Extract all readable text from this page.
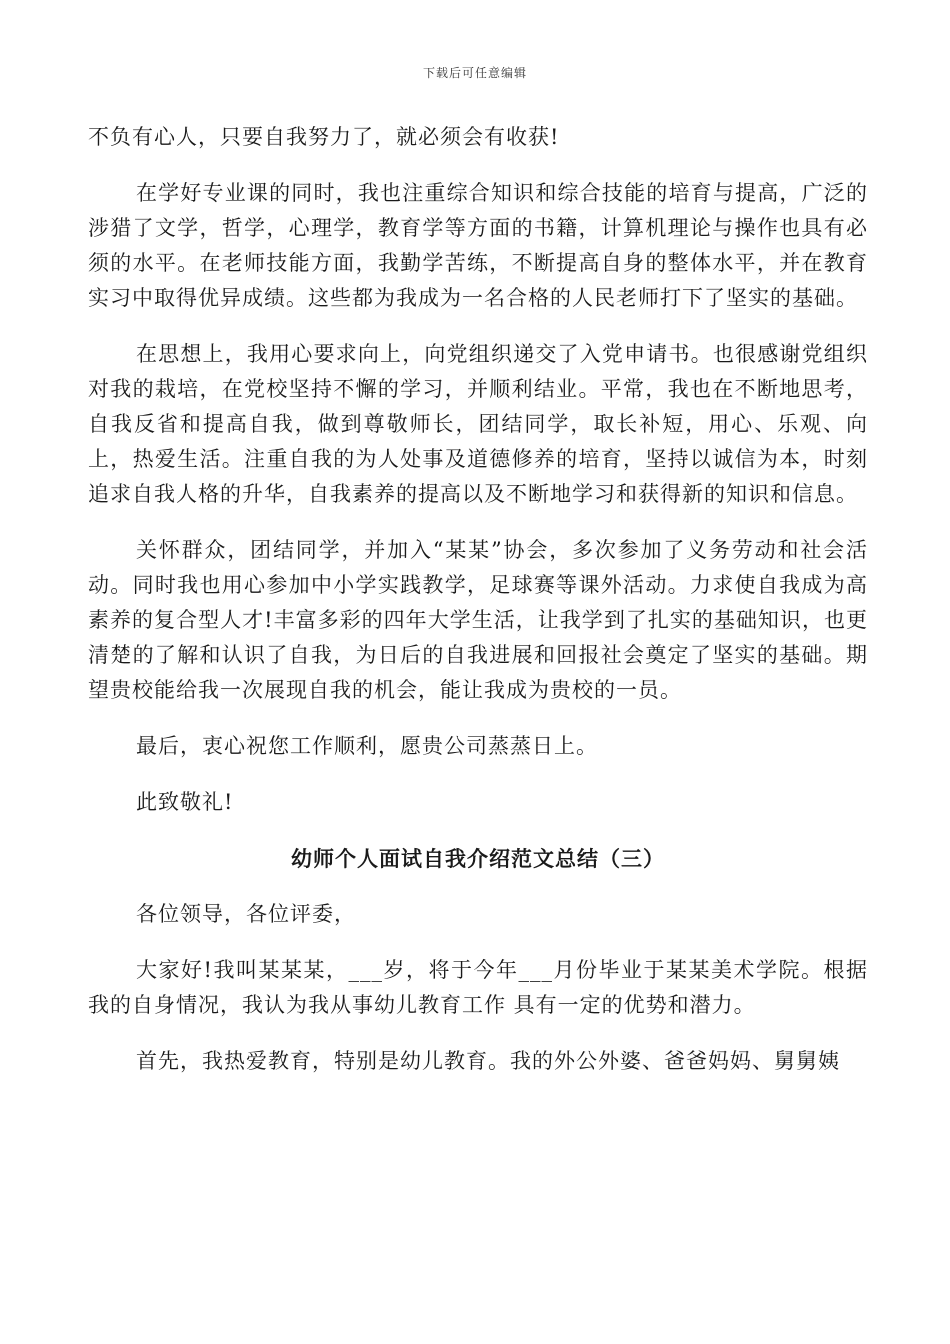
下载后可任意编辑

不负有心人，只要自我努力了，就必须会有收获!

在学好专业课的同时，我也注重综合知识和综合技能的培育与提高，广泛的涉猎了文学，哲学，心理学，教育学等方面的书籍，计算机理论与操作也具有必须的水平。在老师技能方面，我勤学苦练，不断提高自身的整体水平，并在教育实习中取得优异成绩。这些都为我成为一名合格的人民老师打下了坚实的基础。

在思想上，我用心要求向上，向党组织递交了入党申请书。也很感谢党组织对我的栽培，在党校坚持不懈的学习，并顺利结业。平常，我也在不断地思考，自我反省和提高自我，做到尊敬师长，团结同学，取长补短，用心、乐观、向上，热爱生活。注重自我的为人处事及道德修养的培育，坚持以诚信为本，时刻追求自我人格的升华，自我素养的提高以及不断地学习和获得新的知识和信息。

关怀群众，团结同学，并加入“某某”协会，多次参加了义务劳动和社会活动。同时我也用心参加中小学实践教学，足球赛等课外活动。力求使自我成为高素养的复合型人才!丰富多彩的四年大学生活，让我学到了扎实的基础知识，也更清楚的了解和认识了自我，为日后的自我进展和回报社会奠定了坚实的基础。期望贵校能给我一次展现自我的机会，能让我成为贵校的一员。

最后，衷心祝您工作顺利，愿贵公司蒸蒸日上。

此致敬礼!

幼师个人面试自我介绍范文总结（三）

各位领导，各位评委，

大家好!我叫某某某，___岁，将于今年___月份毕业于某某美术学院。根据我的自身情况，我认为我从事幼儿教育工作 具有一定的优势和潜力。

首先，我热爱教育，特别是幼儿教育。我的外公外婆、爸爸妈妈、舅舅姨
